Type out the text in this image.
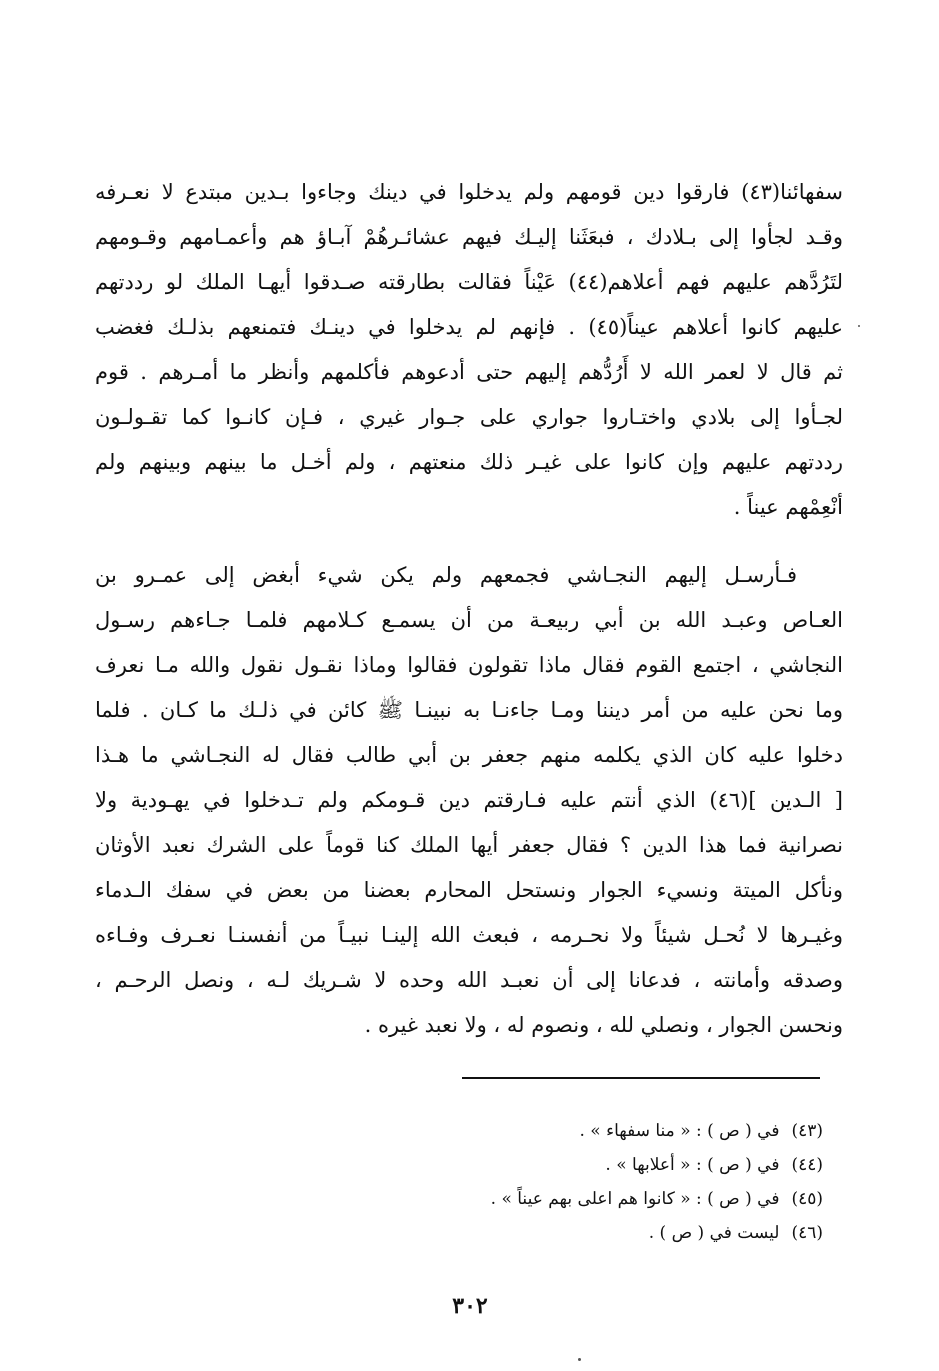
سفهائنا(٤٣) فارقوا دين قومهم ولم يدخلوا في دينك وجاءوا بـدين مبتدع لا نعـرفه
وقـد لجأوا إلى بـلادك ، فبعَثَنا إليـك فيهم عشائـرهُمْ آبـاؤ هم وأعمـامهم وقـومهم
لتَرُدَّهم عليهم فهم أعلاهم(٤٤) عَيْناً فقالت بطارقته صـدقوا أيهـا الملك لو رددتهم
عليهم كانوا أعلاهم عيناً(٤٥) . فإنهم لم يدخلوا في دينـك فتمنعهم بذلـك فغضب
ثم قال لا لعمر الله لا أَرُدُّهم إليهم حتى أدعوهم فأكلمهم وأنظر ما أمـرهم . قوم
لجـأوا إلى بلادي واختـاروا جواري على جـوار غيري ، فـإن كانـوا كما تقـولـون
رددتهم عليهم وإن كانوا على غيـر ذلك منعتهم ، ولم أخـل ما بينهم وبينهم ولم
أنْعِمْهم عيناً .
فـأرسـل إليهم النجـاشي فجمعهم ولم يكن شيء أبغض إلى عمـرو بن
العـاص وعبـد الله بن أبي ربيعـة من أن يسمـع كـلامهم فلمـا جـاءهم رسـول
النجاشي ، اجتمع القوم فقال ماذا تقولون فقالوا وماذا نقـول نقول والله مـا نعرف
وما نحن عليه من أمر ديننا ومـا جاءنـا به نبينـا ﷺ كائن في ذلـك ما كـان . فلما
دخلوا عليه كان الذي يكلمه منهم جعفر بن أبي طالب فقال له النجـاشي ما هـذا
[ الـدين ](٤٦) الذي أنتم عليه فـارقتم دين قـومكم ولم تـدخلوا في يهـودية ولا
نصرانية فما هذا الدين ؟ فقال جعفر أيها الملك كنا قوماً على الشرك نعبد الأوثان
ونأكل الميتة ونسيء الجوار ونستحل المحارم بعضنا من بعض في سفك الـدماء
وغيـرها لا نُحـل شيئاً ولا نحـرمه ، فبعث الله إلينـا نبيـاً من أنفسنـا نعـرف وفـاءه
وصدقه وأمانته ، فدعانا إلى أن نعبـد الله وحده لا شـريك لـه ، ونصل الرحـم ،
ونحسن الجوار ، ونصلي لله ، ونصوم له ، ولا نعبد غيره .
(٤٣)في ( ص ) : « منا سفهاء » .
(٤٤)في ( ص ) : « أعلابها » .
(٤٥)في ( ص ) : « كانوا هم اعلى بهم عيناً » .
(٤٦)ليست في ( ص ) .
٣٠٢
